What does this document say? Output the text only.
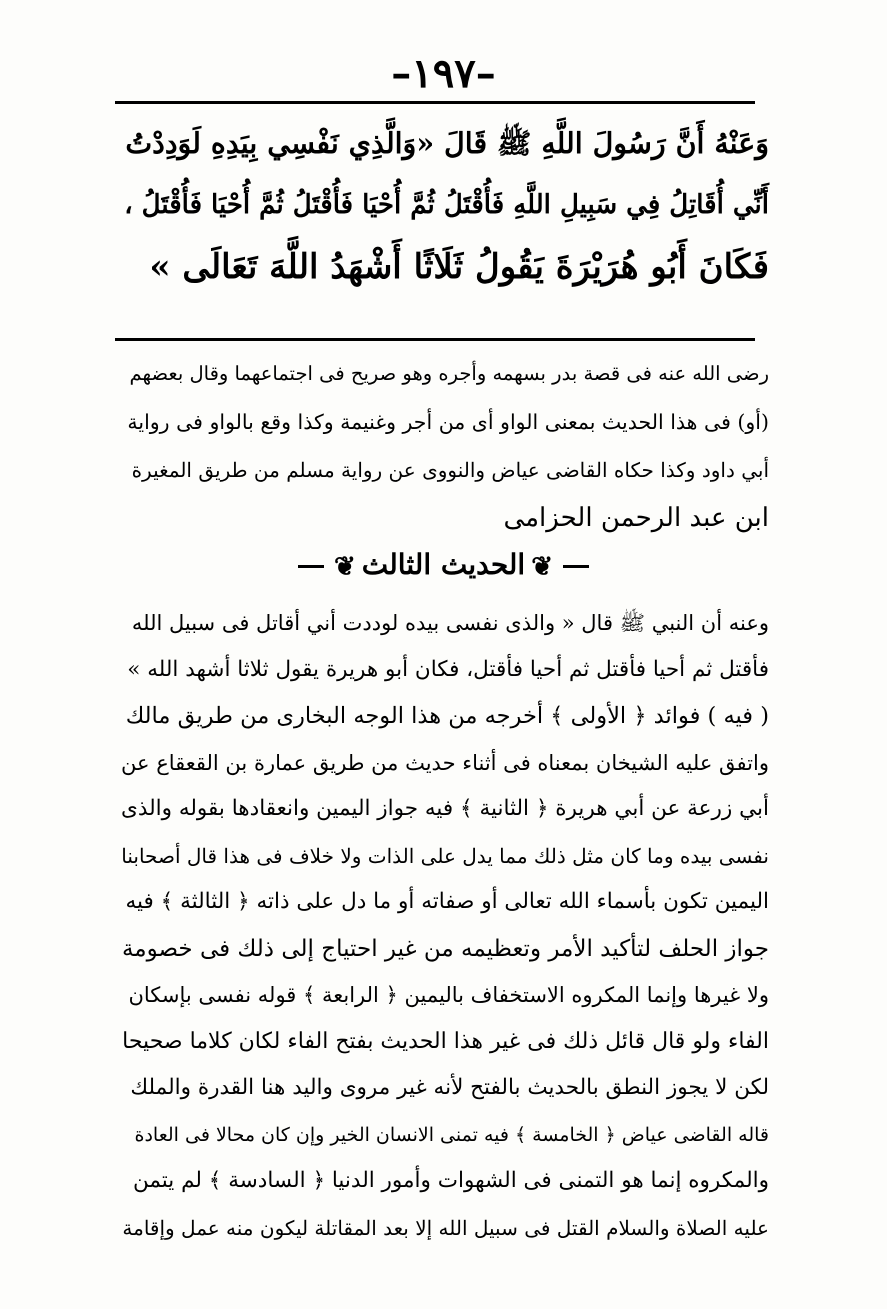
–١٩٧–
وَعَنْهُ أَنَّ رَسُولَ اللَّهِ ﷺ قَالَ «وَالَّذِي نَفْسِي بِيَدِهِ لَوَدِدْتُ
أَنِّي أُقَاتِلُ فِي سَبِيلِ اللَّهِ فَأُقْتَلُ ثُمَّ أُحْيَا فَأُقْتَلُ ثُمَّ أُحْيَا فَأُقْتَلُ ،
فَكَانَ أَبُو هُرَيْرَةَ يَقُولُ ثَلَاثًا أَشْهَدُ اللَّهَ تَعَالَى »
رضى الله عنه فى قصة بدر بسهمه وأجره وهو صريح فى اجتماعهما وقال بعضهم
(أو) فى هذا الحديث بمعنى الواو أى من أجر وغنيمة وكذا وقع بالواو فى رواية
أبي داود وكذا حكاه القاضى عياض والنووى عن رواية مسلم من طريق المغيرة
ابن عبد الرحمن الحزامى
❦الحديث الثالث❦
وعنه أن النبي ﷺ قال « والذى نفسى بيده لوددت أني أقاتل فى سبيل الله
فأقتل ثم أحيا فأقتل ثم أحيا فأقتل، فكان أبو هريرة يقول ثلاثا أشهد الله »
( فيه ) فوائد ﴿ الأولى ﴾ أخرجه من هذا الوجه البخارى من طريق مالك
واتفق عليه الشيخان بمعناه فى أثناء حديث من طريق عمارة بن القعقاع عن
أبي زرعة عن أبي هريرة ﴿ الثانية ﴾ فيه جواز اليمين وانعقادها بقوله والذى
نفسى بيده وما كان مثل ذلك مما يدل على الذات ولا خلاف فى هذا قال أصحابنا
اليمين تكون بأسماء الله تعالى أو صفاته أو ما دل على ذاته ﴿ الثالثة ﴾ فيه
جواز الحلف لتأكيد الأمر وتعظيمه من غير احتياج إلى ذلك فى خصومة
ولا غيرها وإنما المكروه الاستخفاف باليمين ﴿ الرابعة ﴾ قوله نفسى بإسكان
الفاء ولو قال قائل ذلك فى غير هذا الحديث بفتح الفاء لكان كلاما صحيحا
لكن لا يجوز النطق بالحديث بالفتح لأنه غير مروى واليد هنا القدرة والملك
قاله القاضى عياض ﴿ الخامسة ﴾ فيه تمنى الانسان الخير وإن كان محالا فى العادة
والمكروه إنما هو التمنى فى الشهوات وأمور الدنيا ﴿ السادسة ﴾ لم يتمن
عليه الصلاة والسلام القتل فى سبيل الله إلا بعد المقاتلة ليكون منه عمل وإقامة
